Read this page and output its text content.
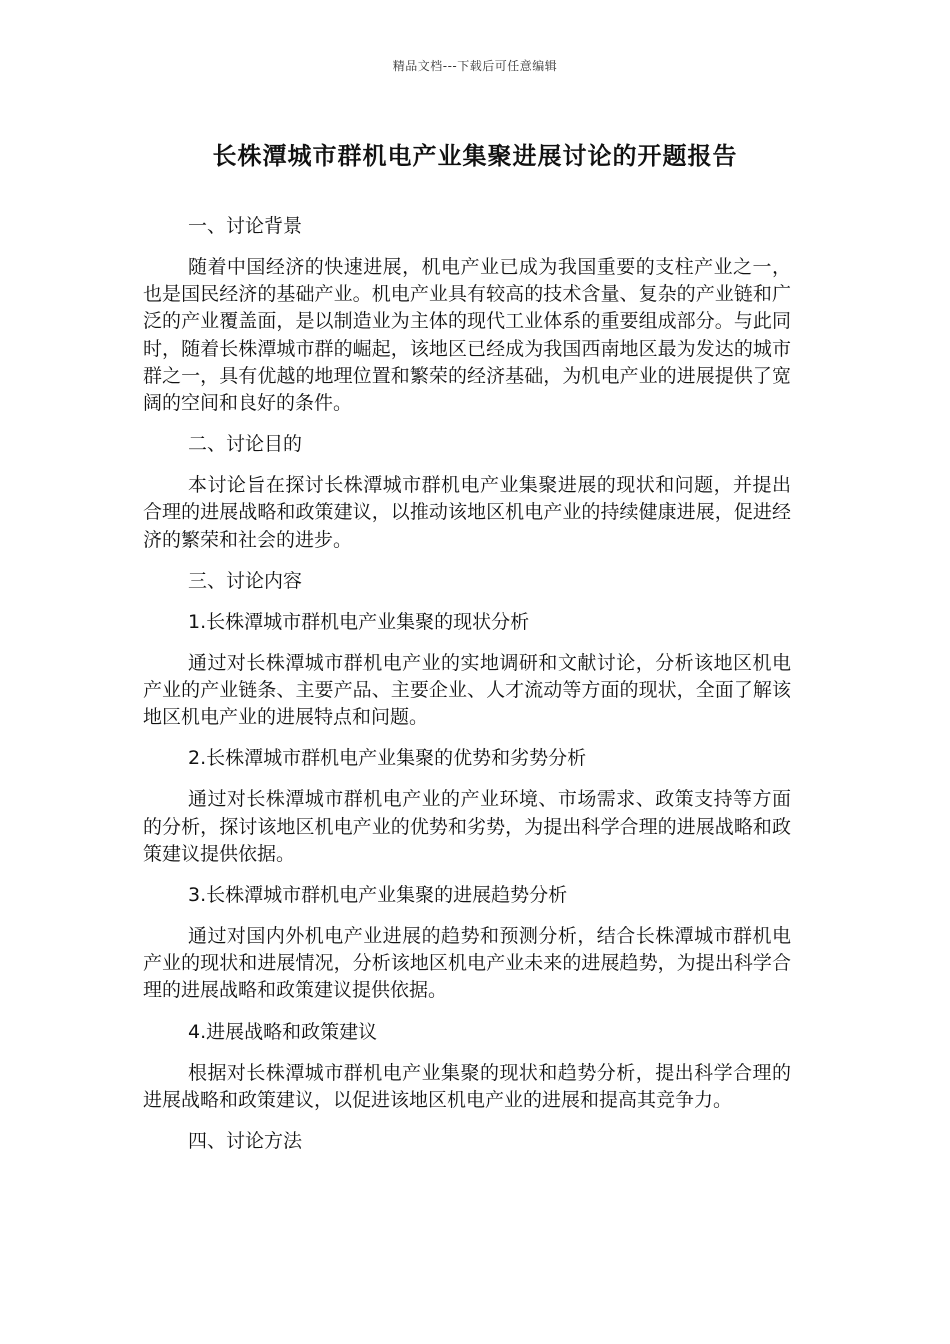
精品文档---下载后可任意编辑
长株潭城市群机电产业集聚进展讨论的开题报告

一、讨论背景

随着中国经济的快速进展，机电产业已成为我国重要的支柱产业之一，也是国民经济的基础产业。机电产业具有较高的技术含量、复杂的产业链和广泛的产业覆盖面，是以制造业为主体的现代工业体系的重要组成部分。与此同时，随着长株潭城市群的崛起，该地区已经成为我国西南地区最为发达的城市群之一，具有优越的地理位置和繁荣的经济基础，为机电产业的进展提供了宽阔的空间和良好的条件。

二、讨论目的

本讨论旨在探讨长株潭城市群机电产业集聚进展的现状和问题，并提出合理的进展战略和政策建议，以推动该地区机电产业的持续健康进展，促进经济的繁荣和社会的进步。

三、讨论内容

1.长株潭城市群机电产业集聚的现状分析

通过对长株潭城市群机电产业的实地调研和文献讨论，分析该地区机电产业的产业链条、主要产品、主要企业、人才流动等方面的现状，全面了解该地区机电产业的进展特点和问题。

2.长株潭城市群机电产业集聚的优势和劣势分析

通过对长株潭城市群机电产业的产业环境、市场需求、政策支持等方面的分析，探讨该地区机电产业的优势和劣势，为提出科学合理的进展战略和政策建议提供依据。

3.长株潭城市群机电产业集聚的进展趋势分析

通过对国内外机电产业进展的趋势和预测分析，结合长株潭城市群机电产业的现状和进展情况，分析该地区机电产业未来的进展趋势，为提出科学合理的进展战略和政策建议提供依据。

4.进展战略和政策建议

根据对长株潭城市群机电产业集聚的现状和趋势分析，提出科学合理的进展战略和政策建议，以促进该地区机电产业的进展和提高其竞争力。

四、讨论方法
